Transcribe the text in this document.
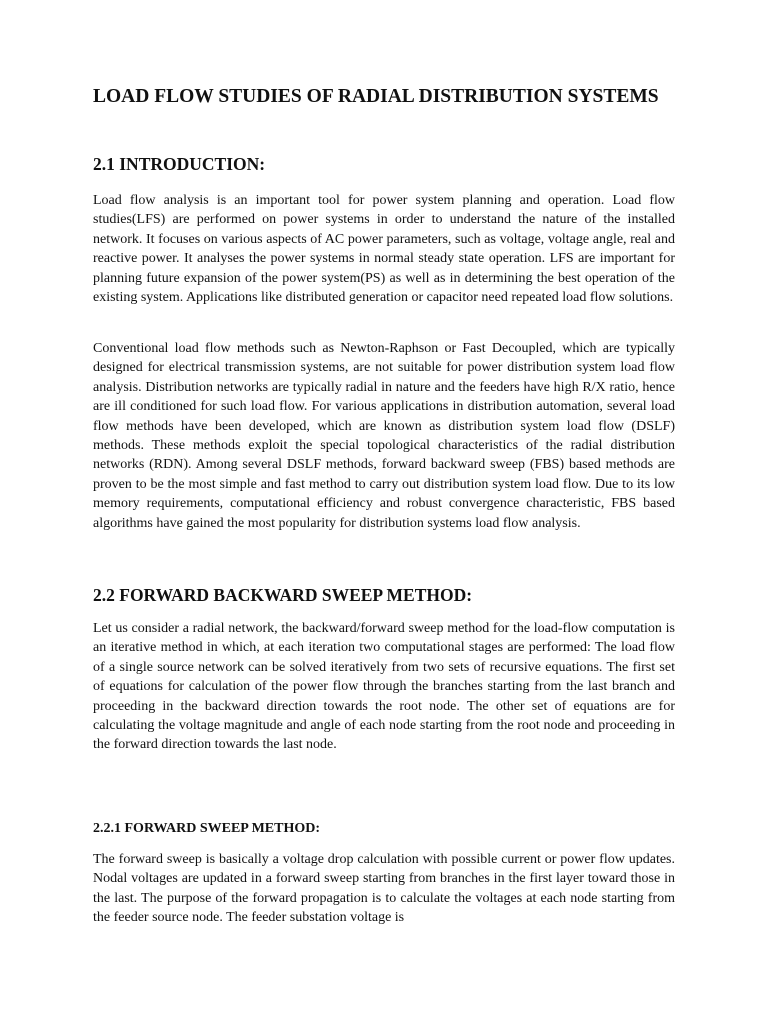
LOAD FLOW STUDIES OF RADIAL DISTRIBUTION SYSTEMS
2.1 INTRODUCTION:

Load flow analysis is an important tool for power system planning and operation. Load flow studies(LFS) are performed on power systems in order to understand the nature of the installed network. It focuses on various aspects of AC power parameters, such as voltage, voltage angle, real and reactive power. It analyses the power systems in normal steady state operation. LFS are important for planning future expansion of the power system(PS) as well as in determining the best operation of the existing system. Applications like distributed generation or capacitor need repeated load flow solutions.

Conventional load flow methods such as Newton-Raphson or Fast Decoupled, which are typically designed for electrical transmission systems, are not suitable for power distribution system load flow analysis. Distribution networks are typically radial in nature and the feeders have high R/X ratio, hence are ill conditioned for such load flow. For various applications in distribution automation, several load flow methods have been developed, which are known as distribution system load flow (DSLF) methods. These methods exploit the special topological characteristics of the radial distribution networks (RDN). Among several DSLF methods, forward backward sweep (FBS) based methods are proven to be the most simple and fast method to carry out distribution system load flow. Due to its low memory requirements, computational efficiency and robust convergence characteristic, FBS based algorithms have gained the most popularity for distribution systems load flow analysis.

2.2 FORWARD BACKWARD SWEEP METHOD:

Let us consider a radial network, the backward/forward sweep method for the load-flow computation is an iterative method in which, at each iteration two computational stages are performed: The load flow of a single source network can be solved iteratively from two sets of recursive equations. The first set of equations for calculation of the power flow through the branches starting from the last branch and proceeding in the backward direction towards the root node. The other set of equations are for calculating the voltage magnitude and angle of each node starting from the root node and proceeding in the forward direction towards the last node.

2.2.1 FORWARD SWEEP METHOD:

The forward sweep is basically a voltage drop calculation with possible current or power flow updates. Nodal voltages are updated in a forward sweep starting from branches in the first layer toward those in the last. The purpose of the forward propagation is to calculate the voltages at each node starting from the feeder source node. The feeder substation voltage is
